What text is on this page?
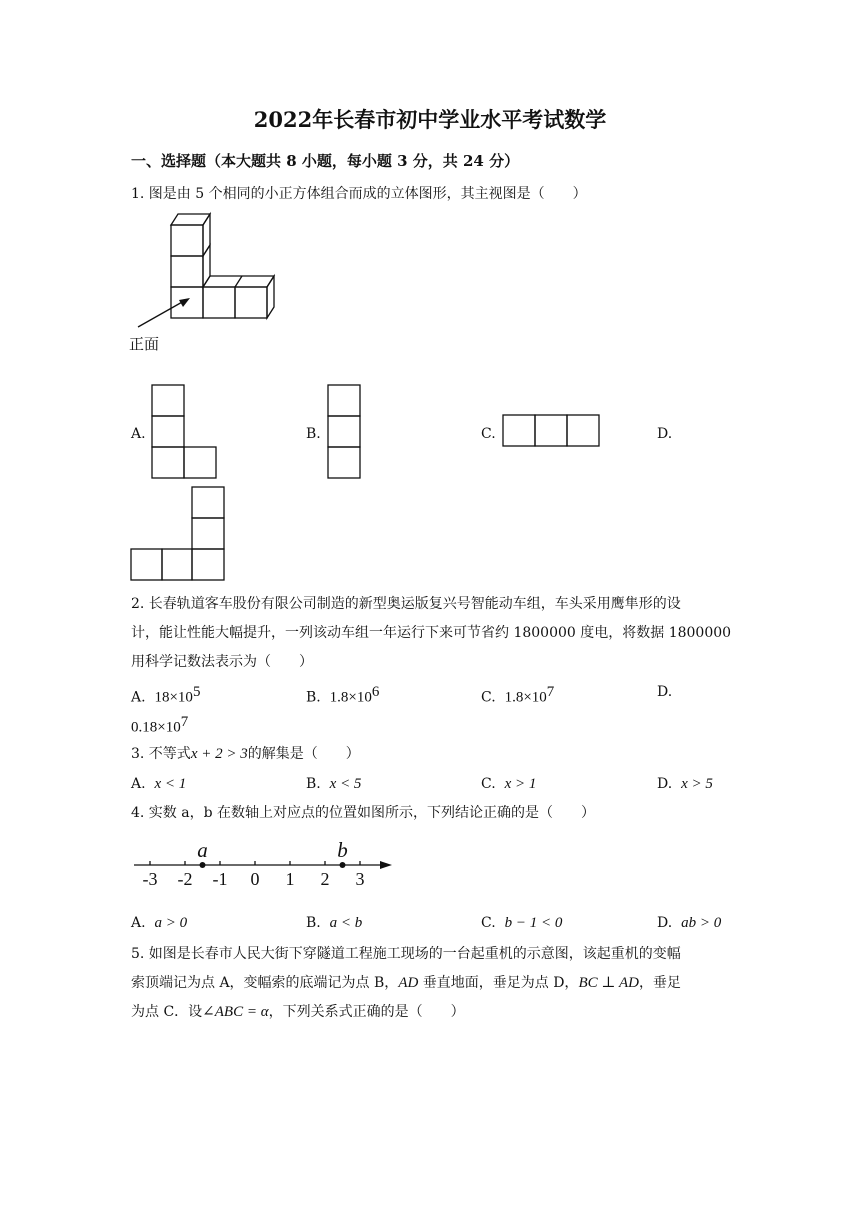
2022年长春市初中学业水平考试数学
一、选择题（本大题共 8 小题，每小题 3 分，共 24 分）
1. 图是由 5 个相同的小正方体组合而成的立体图形，其主视图是（　　）
正面
A.	B.	C.	D.
2. 长春轨道客车股份有限公司制造的新型奥运版复兴号智能动车组，车头采用鹰隼形的设
计，能让性能大幅提升，一列该动车组一年运行下来可节省约 1800000 度电，将数据 1800000
用科学记数法表示为（　　）
A. $18\times 10^5$	B. $1.8\times 10^6$	C. $1.8\times 10^7$	D.
$0.18\times 10^7$
3. 不等式x + 2 > 3的解集是（　　）
A. x < 1	B. x < 5	C. x > 1	D. x > 5
4. 实数 a，b 在数轴上对应点的位置如图所示，下列结论正确的是（　　）
-3 -2 -1 0 1 2 3
a	b
A. a > 0	B. a < b	C. b − 1 < 0	D. ab > 0
5. 如图是长春市人民大街下穿隧道工程施工现场的一台起重机的示意图，该起重机的变幅
索顶端记为点 A，变幅索的底端记为点 B，AD 垂直地面，垂足为点 D，BC ⊥ AD，垂足
为点 C．设∠ABC = α，下列关系式正确的是（　　）
